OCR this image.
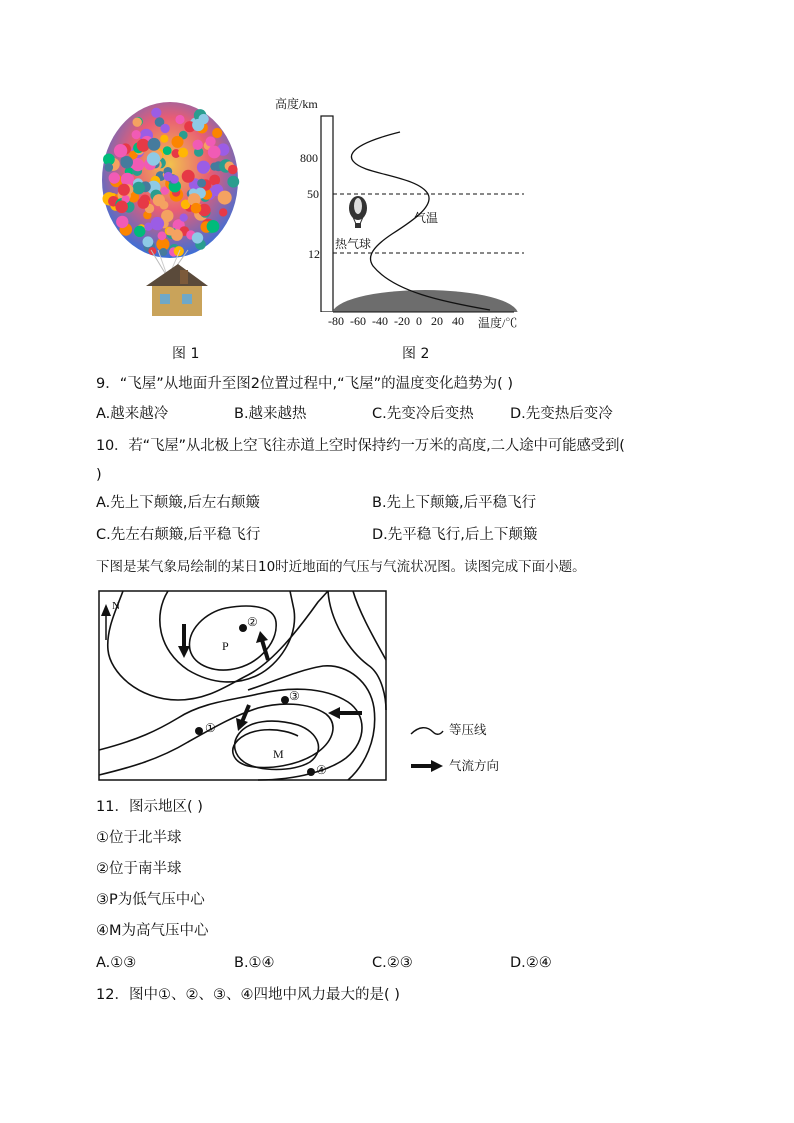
图 1
高度/km
800
50
12
气温
热气球
-80 -60 -40 -20 0 20 40 温度/℃
图 2
9．“飞屋”从地面升至图2位置过程中,“飞屋”的温度变化趋势为( )
A.越来越冷	B.越来越热	C.先变冷后变热	D.先变热后变冷
10．若“飞屋”从北极上空飞往赤道上空时保持约一万米的高度,二人途中可能感受到(
)
A.先上下颠簸,后左右颠簸	B.先上下颠簸,后平稳飞行
C.先左右颠簸,后平稳飞行	D.先平稳飞行,后上下颠簸
下图是某气象局绘制的某日10时近地面的气压与气流状况图。读图完成下面小题。
N
P
M
①
②
③
④
等压线
气流方向
11．图示地区( )
①位于北半球
②位于南半球
③P为低气压中心
④M为高气压中心
A.①③	B.①④	C.②③	D.②④
12．图中①、②、③、④四地中风力最大的是( )
